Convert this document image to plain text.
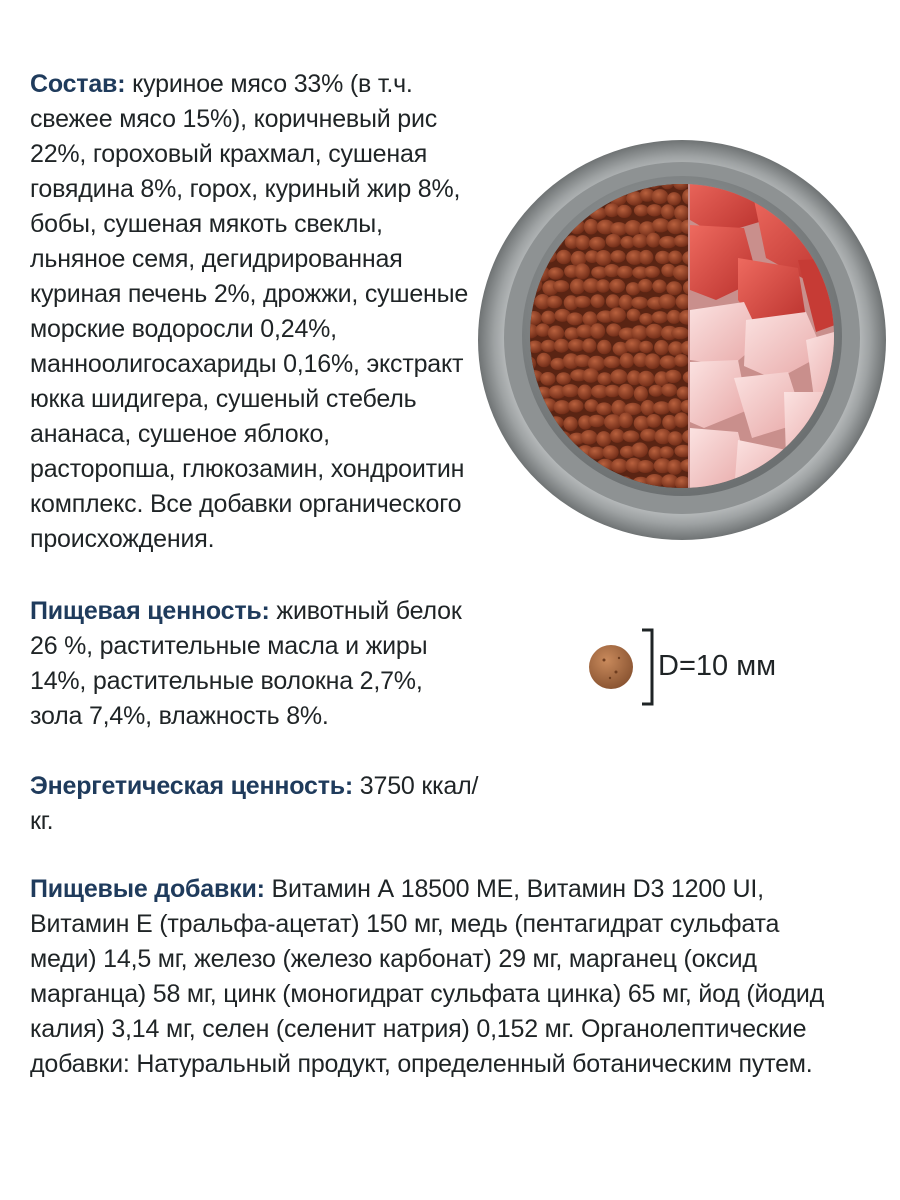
Состав: куриное мясо 33% (в т.ч. свежее мясо 15%), коричневый рис 22%, гороховый крахмал, сушеная говядина 8%, горох, куриный жир 8%, бобы, сушеная мякоть свеклы, льняное семя, дегидрированная куриная печень 2%, дрожжи, сушеные морские водоросли 0,24%, манноолигосахариды 0,16%, экстракт юкка шидигера, сушеный стебель ананаса, сушеное яблоко, расторопша, глюкозамин, хондроитин комплекс. Все добавки органического происхождения.

Пищевая ценность: животный белок 26 %, растительные масла и жиры 14%, растительные волокна 2,7%, зола 7,4%, влажность 8%.

Энергетическая ценность: 3750 ккал/кг.

Пищевые добавки: Витамин А 18500 МЕ, Витамин D3 1200 UI, Витамин Е (тральфа-ацетат) 150 мг, медь (пентагидрат сульфата меди) 14,5 мг, железо (железо карбонат) 29 мг, марганец (оксид марганца) 58 мг, цинк (моногидрат сульфата цинка) 65 мг, йод (йодид калия) 3,14 мг, селен (селенит натрия) 0,152 мг. Органолептические добавки: Натуральный продукт, определенный ботаническим путем.

D=10 мм
